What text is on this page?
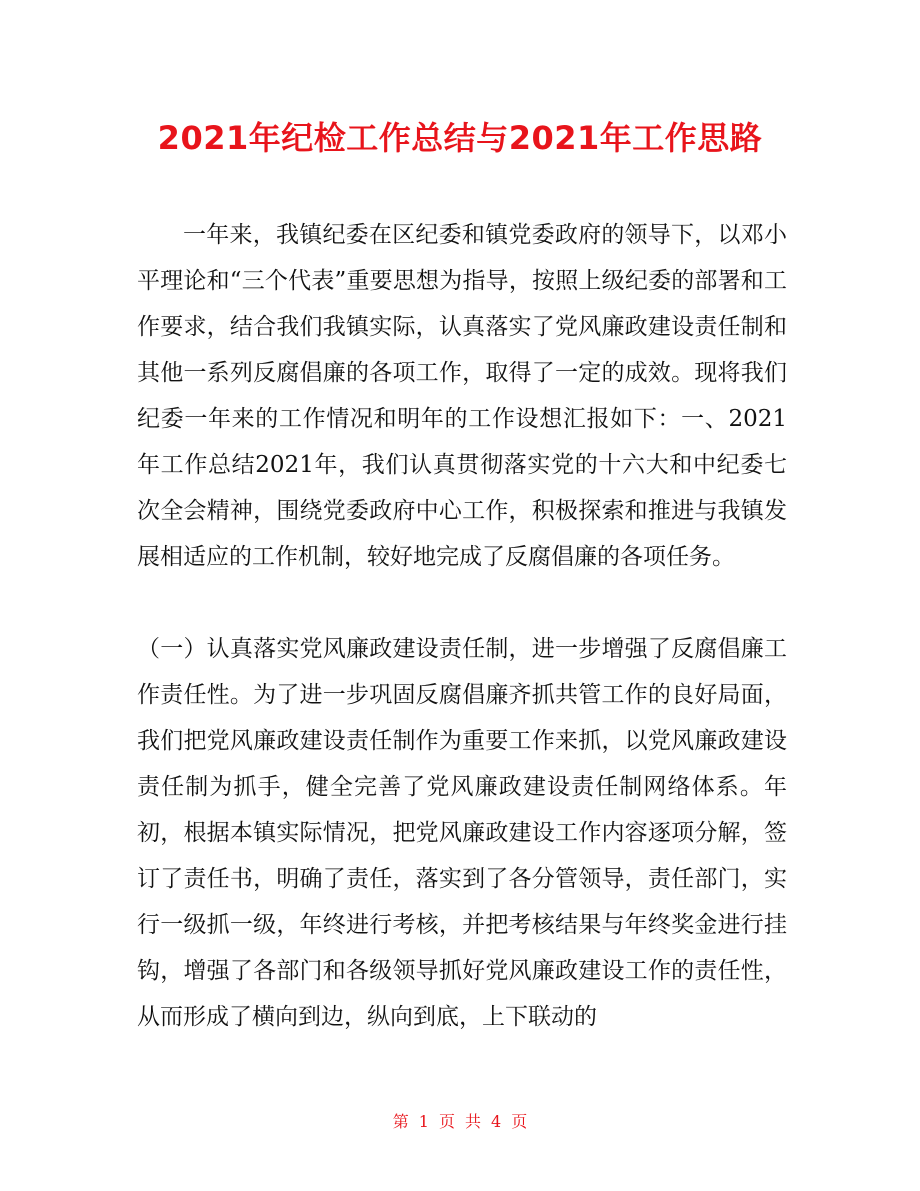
2021年纪检工作总结与2021年工作思路
一年来，我镇纪委在区纪委和镇党委政府的领导下，以邓小平理论和“三个代表”重要思想为指导，按照上级纪委的部署和工作要求，结合我们我镇实际，认真落实了党风廉政建设责任制和其他一系列反腐倡廉的各项工作，取得了一定的成效。现将我们纪委一年来的工作情况和明年的工作设想汇报如下：一、2021年工作总结2021年，我们认真贯彻落实党的十六大和中纪委七次全会精神，围绕党委政府中心工作，积极探索和推进与我镇发展相适应的工作机制，较好地完成了反腐倡廉的各项任务。
（一）认真落实党风廉政建设责任制，进一步增强了反腐倡廉工作责任性。为了进一步巩固反腐倡廉齐抓共管工作的良好局面，我们把党风廉政建设责任制作为重要工作来抓，以党风廉政建设责任制为抓手，健全完善了党风廉政建设责任制网络体系。年初，根据本镇实际情况，把党风廉政建设工作内容逐项分解，签订了责任书，明确了责任，落实到了各分管领导，责任部门，实行一级抓一级，年终进行考核，并把考核结果与年终奖金进行挂钩，增强了各部门和各级领导抓好党风廉政建设工作的责任性，从而形成了横向到边，纵向到底，上下联动的
第 1 页 共 4 页
